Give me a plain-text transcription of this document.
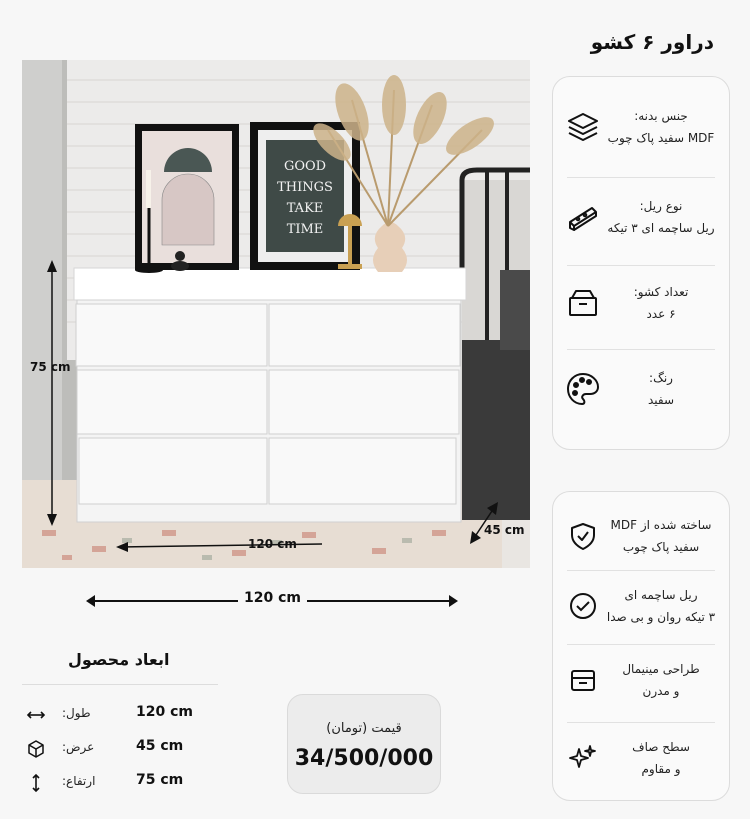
دراور ۶ کشو
GOOD
THINGS
TAKE
TIME
75 cm
120 cm
45 cm
120 cm
جنس بدنه:
MDF سفید پاک چوب
نوع ریل:
ریل ساچمه ای ۳ تیکه
تعداد کشو:
۶ عدد
رنگ:
سفید
ساخته شده از MDF
سفید پاک چوب
ریل ساچمه ای
۳ تیکه روان و بی صدا
طراحی مینیمال
و مدرن
سطح صاف
و مقاوم
ابعاد محصول
طول:	120 cm
عرض:	45 cm
ارتفاع:	75 cm
قیمت (تومان)
34/500/000
